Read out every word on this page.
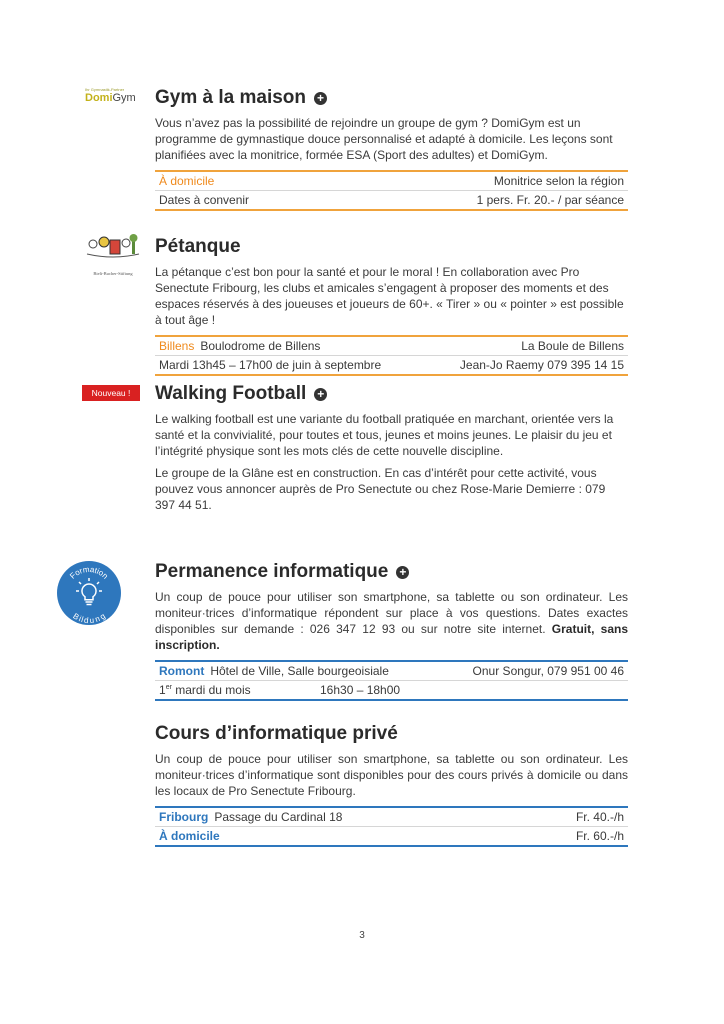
Ihr Gymnastik-Partner
DomiGym	Gym à la maison +

Vous n’avez pas la possibilité de rejoindre un groupe de gym ? DomiGym est un programme de gymnastique douce personnalisé et adapté à domicile. Les leçons sont planifiées avec la monitrice, formée ESA (Sport des adultes) et DomiGym.

À domicile	Monitrice selon la région
Dates à convenir	1 pers. Fr. 20.- / par séance
Bieli-Bucher-Stiftung
Pétanque

La pétanque c’est bon pour la santé et pour le moral ! En collaboration avec Pro Senectute Fribourg, les clubs et amicales s’engagent à proposer des moments et des espaces réservés à des joueuses et joueurs de 60+. « Tirer » ou « pointer » est possible à tout âge !

Billens Boulodrome de Billens	La Boule de Billens
Mardi 13h45 – 17h00 de juin à septembre	Jean-Jo Raemy 079 395 14 15
Nouveau !	Walking Football +

Le walking football est une variante du football pratiquée en marchant, orientée vers la santé et la convivialité, pour toutes et tous, jeunes et moins jeunes. Le plaisir du jeu et l’intégrité physique sont les mots clés de cette nouvelle discipline.

Le groupe de la Glâne est en construction. En cas d’intérêt pour cette activité, vous pouvez vous annoncer auprès de Pro Senectute ou chez Rose-Marie Demierre : 079 397 44 51.

Formation
Bildung
Permanence informatique +

Un coup de pouce pour utiliser son smartphone, sa tablette ou son ordinateur. Les moniteur·trices d’informatique répondent sur place à vos questions. Dates exactes disponibles sur demande : 026 347 12 93 ou sur notre site internet. Gratuit, sans inscription.

Romont Hôtel de Ville, Salle bourgeoisiale	Onur Songur, 079 951 00 46
1er mardi du mois	16h30 – 18h00
Cours d’informatique privé

Un coup de pouce pour utiliser son smartphone, sa tablette ou son ordinateur. Les moniteur·trices d’informatique sont disponibles pour des cours privés à domicile ou dans les locaux de Pro Senectute Fribourg.

Fribourg Passage du Cardinal 18	Fr. 40.-/h
À domicile	Fr. 60.-/h
3
